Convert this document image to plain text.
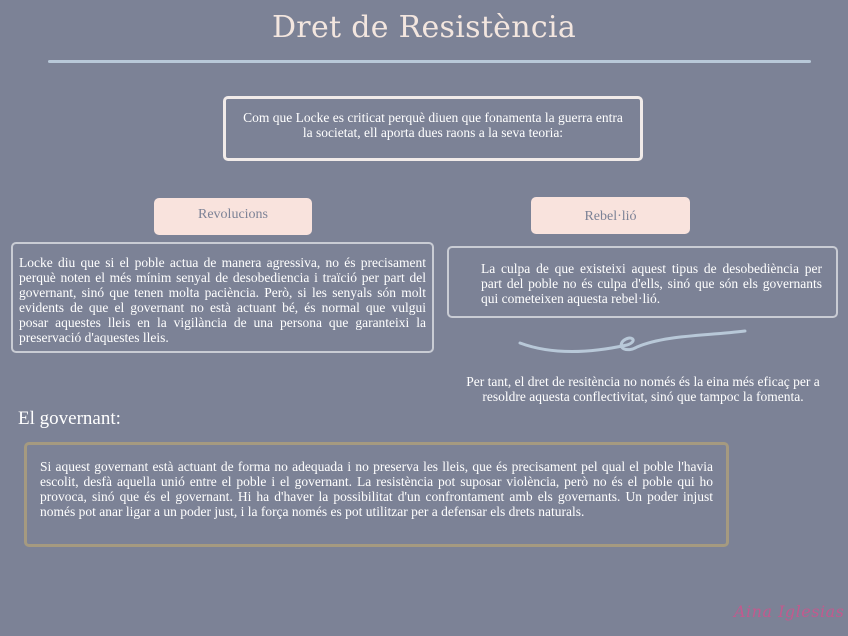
Dret de Resistència
Com que Locke es criticat perquè diuen que fonamenta la guerra entra la societat, ell aporta dues raons a la seva teoria:
Revolucions	Rebel·lió
Locke diu que si el poble actua de manera agressiva, no és precisament perquè noten el més mínim senyal de desobediencia i traïció per part del governant, sinó que tenen molta paciència. Però, si les senyals són molt evidents de que el governant no està actuant bé, és normal que vulgui posar aquestes lleis en la vigilància de una persona que garanteixi la preservació d'aquestes lleis.
La culpa de que existeixi aquest tipus de desobediència per part del poble no és culpa d'ells, sinó que són els governants qui cometeixen aquesta rebel·lió.
Per tant, el dret de resitència no només és la eina més eficaç per a resoldre aquesta conflectivitat, sinó que tampoc la fomenta.
El governant:
Si aquest governant està actuant de forma no adequada i no preserva les lleis, que és precisament pel qual el poble l'havia escolit, desfà aquella unió entre el poble i el governant. La resistència pot suposar violència, però no és el poble qui ho provoca, sinó que és el governant. Hi ha d'haver la possibilitat d'un confrontament amb els governants. Un poder injust només pot anar ligar a un poder just, i la força només es pot utilitzar per a defensar els drets naturals.
Aina Iglesias
